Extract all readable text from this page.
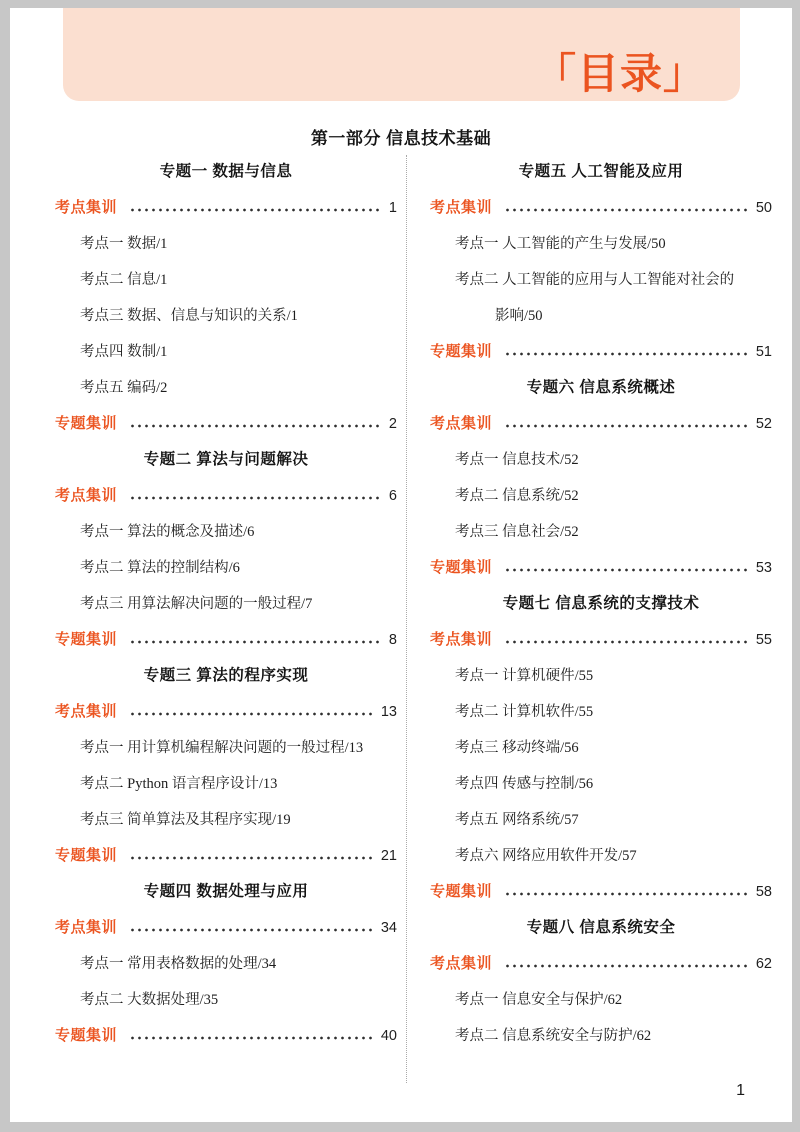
「目录」
第一部分 信息技术基础
专题一 数据与信息
考点集训	1
考点一 数据/1
考点二 信息/1
考点三 数据、信息与知识的关系/1
考点四 数制/1
考点五 编码/2
专题集训	2
专题二 算法与问题解决
考点集训	6
考点一 算法的概念及描述/6
考点二 算法的控制结构/6
考点三 用算法解决问题的一般过程/7
专题集训	8
专题三 算法的程序实现
考点集训	13
考点一 用计算机编程解决问题的一般过程/13
考点二 Python 语言程序设计/13
考点三 简单算法及其程序实现/19
专题集训	21
专题四 数据处理与应用
考点集训	34
考点一 常用表格数据的处理/34
考点二 大数据处理/35
专题集训	40
专题五 人工智能及应用
考点集训	50
考点一 人工智能的产生与发展/50
考点二 人工智能的应用与人工智能对社会的
影响/50
专题集训	51
专题六 信息系统概述
考点集训	52
考点一 信息技术/52
考点二 信息系统/52
考点三 信息社会/52
专题集训	53
专题七 信息系统的支撑技术
考点集训	55
考点一 计算机硬件/55
考点二 计算机软件/55
考点三 移动终端/56
考点四 传感与控制/56
考点五 网络系统/57
考点六 网络应用软件开发/57
专题集训	58
专题八 信息系统安全
考点集训	62
考点一 信息安全与保护/62
考点二 信息系统安全与防护/62
1
